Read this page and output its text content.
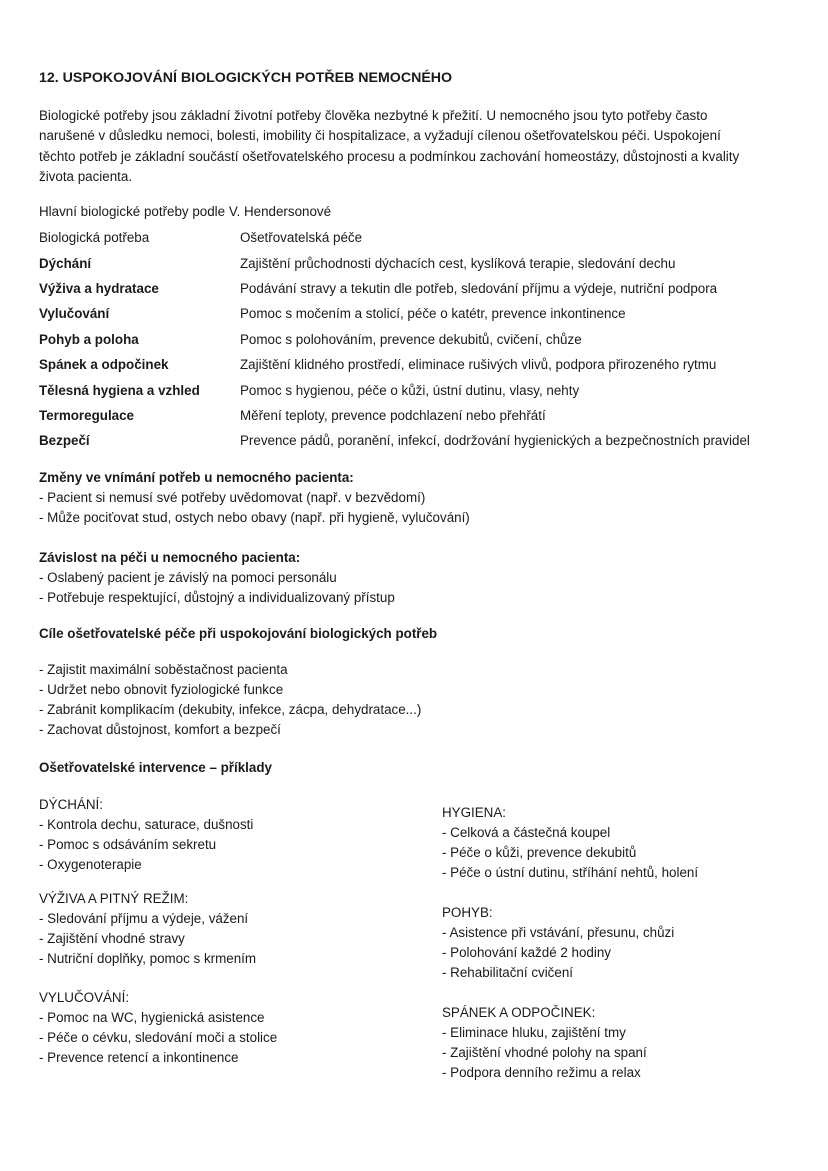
12. USPOKOJOVÁNÍ BIOLOGICKÝCH POTŘEB NEMOCNÉHO
Biologické potřeby jsou základní životní potřeby člověka nezbytné k přežití. U nemocného jsou tyto potřeby často
narušené v důsledku nemoci, bolesti, imobility či hospitalizace, a vyžadují cílenou ošetřovatelskou péči. Uspokojení
těchto potřeb je základní součástí ošetřovatelského procesu a podmínkou zachování homeostázy, důstojnosti a kvality
života pacienta.
Hlavní biologické potřeby podle V. Hendersonové
Biologická potřeba	Ošetřovatelská péče
Dýchání	Zajištění průchodnosti dýchacích cest, kyslíková terapie, sledování dechu
Výživa a hydratace	Podávání stravy a tekutin dle potřeb, sledování příjmu a výdeje, nutriční podpora
Vylučování	Pomoc s močením a stolicí, péče o katétr, prevence inkontinence
Pohyb a poloha	Pomoc s polohováním, prevence dekubitů, cvičení, chůze
Spánek a odpočinek	Zajištění klidného prostředí, eliminace rušivých vlivů, podpora přirozeného rytmu
Tělesná hygiena a vzhled	Pomoc s hygienou, péče o kůži, ústní dutinu, vlasy, nehty
Termoregulace	Měření teploty, prevence podchlazení nebo přehřátí
Bezpečí	Prevence pádů, poranění, infekcí, dodržování hygienických a bezpečnostních pravidel
Změny ve vnímání potřeb u nemocného pacienta:
- Pacient si nemusí své potřeby uvědomovat (např. v bezvědomí)
- Může pociťovat stud, ostych nebo obavy (např. při hygieně, vylučování)
Závislost na péči u nemocného pacienta:
- Oslabený pacient je závislý na pomoci personálu
- Potřebuje respektující, důstojný a individualizovaný přístup
Cíle ošetřovatelské péče při uspokojování biologických potřeb
- Zajistit maximální soběstačnost pacienta
- Udržet nebo obnovit fyziologické funkce
- Zabránit komplikacím (dekubity, infekce, zácpa, dehydratace...)
- Zachovat důstojnost, komfort a bezpečí
Ošetřovatelské intervence – příklady
DÝCHÁNÍ:
- Kontrola dechu, saturace, dušnosti
- Pomoc s odsáváním sekretu
- Oxygenoterapie
VÝŽIVA A PITNÝ REŽIM:
- Sledování příjmu a výdeje, vážení
- Zajištění vhodné stravy
- Nutriční doplňky, pomoc s krmením
VYLUČOVÁNÍ:
- Pomoc na WC, hygienická asistence
- Péče o cévku, sledování moči a stolice
- Prevence retencí a inkontinence
HYGIENA:
- Celková a částečná koupel
- Péče o kůži, prevence dekubitů
- Péče o ústní dutinu, stříhání nehtů, holení
POHYB:
- Asistence při vstávání, přesunu, chůzi
- Polohování každé 2 hodiny
- Rehabilitační cvičení
SPÁNEK A ODPOČINEK:
- Eliminace hluku, zajištění tmy
- Zajištění vhodné polohy na spaní
- Podpora denního režimu a relax
